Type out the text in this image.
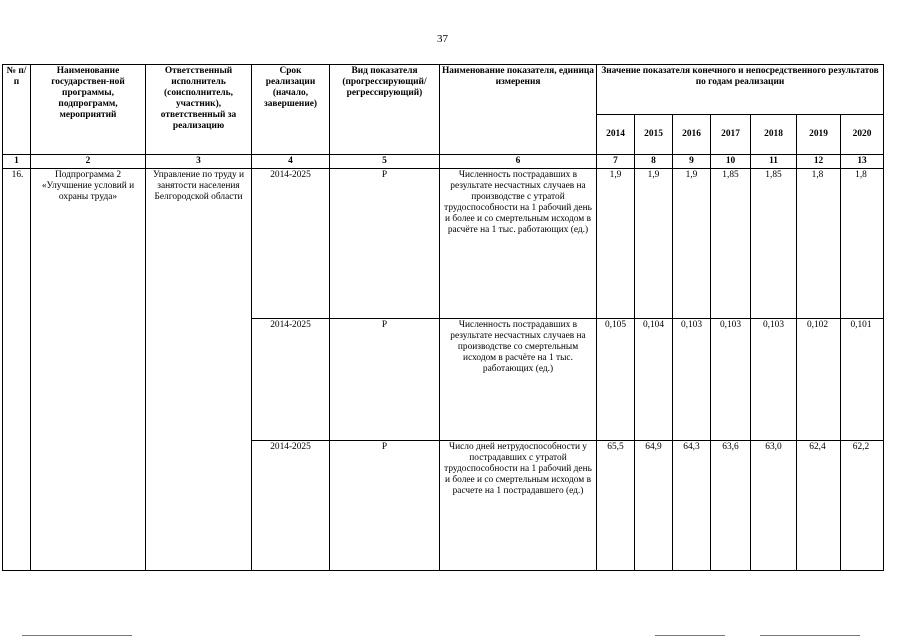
37
№ п/п	Наименование государствен-ной программы, подпрограмм, мероприятий	Ответственный исполнитель (соисполнитель, участник), ответственный за реализацию	Срок реализации (начало, завершение)	Вид показателя (прогрессирующий/ регрессирующий)	Наименование показателя, единица измерения	Значение показателя конечного и непосредственного результатов по годам реализации						
						2014	2015	2016	2017	2018	2019	2020
1	2	3	4	5	6	7	8	9	10	11	12	13
16.	Подпрограмма 2 «Улучшение условий и охраны труда»	Управление по труду и занятости населения Белгородской области	2014-2025	Р	Численность пострадавших в результате несчастных случаев на производстве с утратой трудоспособности на 1 рабочий день и более и со смертельным исходом в расчёте на 1 тыс. работающих (ед.)	1,9	1,9	1,9	1,85	1,85	1,8	1,8
			2014-2025	Р	Численность пострадавших в результате несчастных случаев на производстве со смертельным исходом в расчёте на 1 тыс. работающих (ед.)	0,105	0,104	0,103	0,103	0,103	0,102	0,101
			2014-2025	Р	Число дней нетрудоспособности у пострадавших с утратой трудоспособности на 1 рабочий день и более и со смертельным исходом в расчете на 1 пострадавшего (ед.)	65,5	64,9	64,3	63,6	63,0	62,4	62,2
